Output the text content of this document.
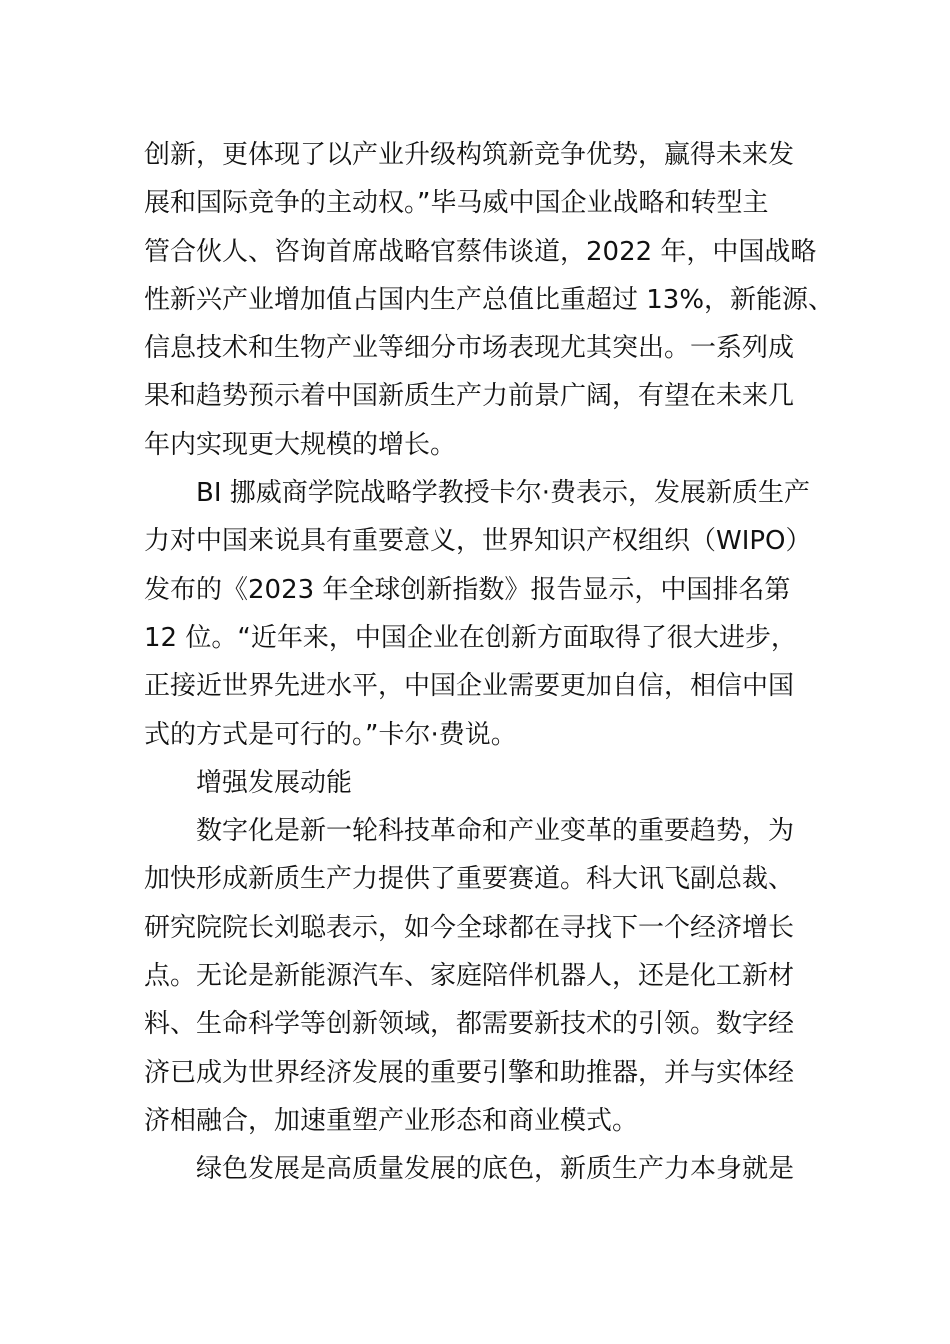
创新，更体现了以产业升级构筑新竞争优势，赢得未来发
展和国际竞争的主动权。”毕马威中国企业战略和转型主
管合伙人、咨询首席战略官蔡伟谈道，2022 年，中国战略
性新兴产业增加值占国内生产总值比重超过 13%，新能源、
信息技术和生物产业等细分市场表现尤其突出。一系列成
果和趋势预示着中国新质生产力前景广阔，有望在未来几
年内实现更大规模的增长。
BI 挪威商学院战略学教授卡尔·费表示，发展新质生产
力对中国来说具有重要意义，世界知识产权组织（WIPO）
发布的《2023 年全球创新指数》报告显示，中国排名第
12 位。“近年来，中国企业在创新方面取得了很大进步，
正接近世界先进水平，中国企业需要更加自信，相信中国
式的方式是可行的。”卡尔·费说。
增强发展动能
数字化是新一轮科技革命和产业变革的重要趋势，为
加快形成新质生产力提供了重要赛道。科大讯飞副总裁、
研究院院长刘聪表示，如今全球都在寻找下一个经济增长
点。无论是新能源汽车、家庭陪伴机器人，还是化工新材
料、生命科学等创新领域，都需要新技术的引领。数字经
济已成为世界经济发展的重要引擎和助推器，并与实体经
济相融合，加速重塑产业形态和商业模式。
绿色发展是高质量发展的底色，新质生产力本身就是
